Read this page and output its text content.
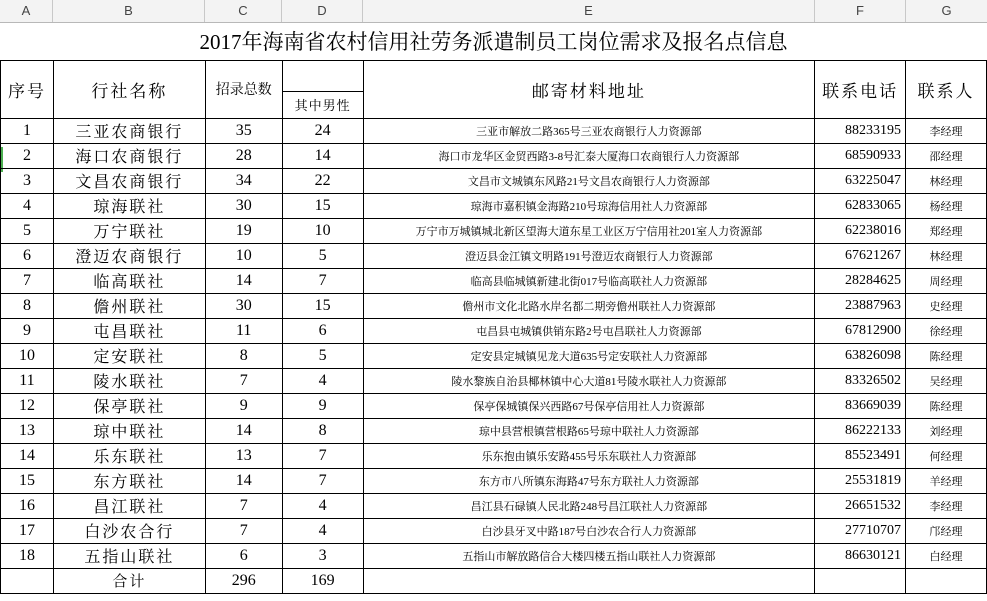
A	B	C	D	E	F	G
2017年海南省农村信用社劳务派遣制员工岗位需求及报名点信息						
序号	行社名称	招录总数		邮寄材料地址	联系电话	联系人
			其中男性			
1	三亚农商银行	35	24	三亚市解放二路365号三亚农商银行人力资源部	88233195	李经理
2	海口农商银行	28	14	海口市龙华区金贸西路3-8号汇泰大厦海口农商银行人力资源部	68590933	邵经理
3	文昌农商银行	34	22	文昌市文城镇东风路21号文昌农商银行人力资源部	63225047	林经理
4	琼海联社	30	15	琼海市嘉积镇金海路210号琼海信用社人力资源部	62833065	杨经理
5	万宁联社	19	10	万宁市万城镇城北新区望海大道东星工业区万宁信用社201室人力资源部	62238016	郑经理
6	澄迈农商银行	10	5	澄迈县金江镇文明路191号澄迈农商银行人力资源部	67621267	林经理
7	临高联社	14	7	临高县临城镇新建北街017号临高联社人力资源部	28284625	周经理
8	儋州联社	30	15	儋州市文化北路水岸名都二期旁儋州联社人力资源部	23887963	史经理
9	屯昌联社	11	6	屯昌县屯城镇供销东路2号屯昌联社人力资源部	67812900	徐经理
10	定安联社	8	5	定安县定城镇见龙大道635号定安联社人力资源部	63826098	陈经理
11	陵水联社	7	4	陵水黎族自治县椰林镇中心大道81号陵水联社人力资源部	83326502	吴经理
12	保亭联社	9	9	保亭保城镇保兴西路67号保亭信用社人力资源部	83669039	陈经理
13	琼中联社	14	8	琼中县营根镇营根路65号琼中联社人力资源部	86222133	刘经理
14	乐东联社	13	7	乐东抱由镇乐安路455号乐东联社人力资源部	85523491	何经理
15	东方联社	14	7	东方市八所镇东海路47号东方联社人力资源部	25531819	羊经理
16	昌江联社	7	4	昌江县石碌镇人民北路248号昌江联社人力资源部	26651532	李经理
17	白沙农合行	7	4	白沙县牙叉中路187号白沙农合行人力资源部	27710707	邝经理
18	五指山联社	6	3	五指山市解放路信合大楼四楼五指山联社人力资源部	86630121	白经理
	合计	296	169			
